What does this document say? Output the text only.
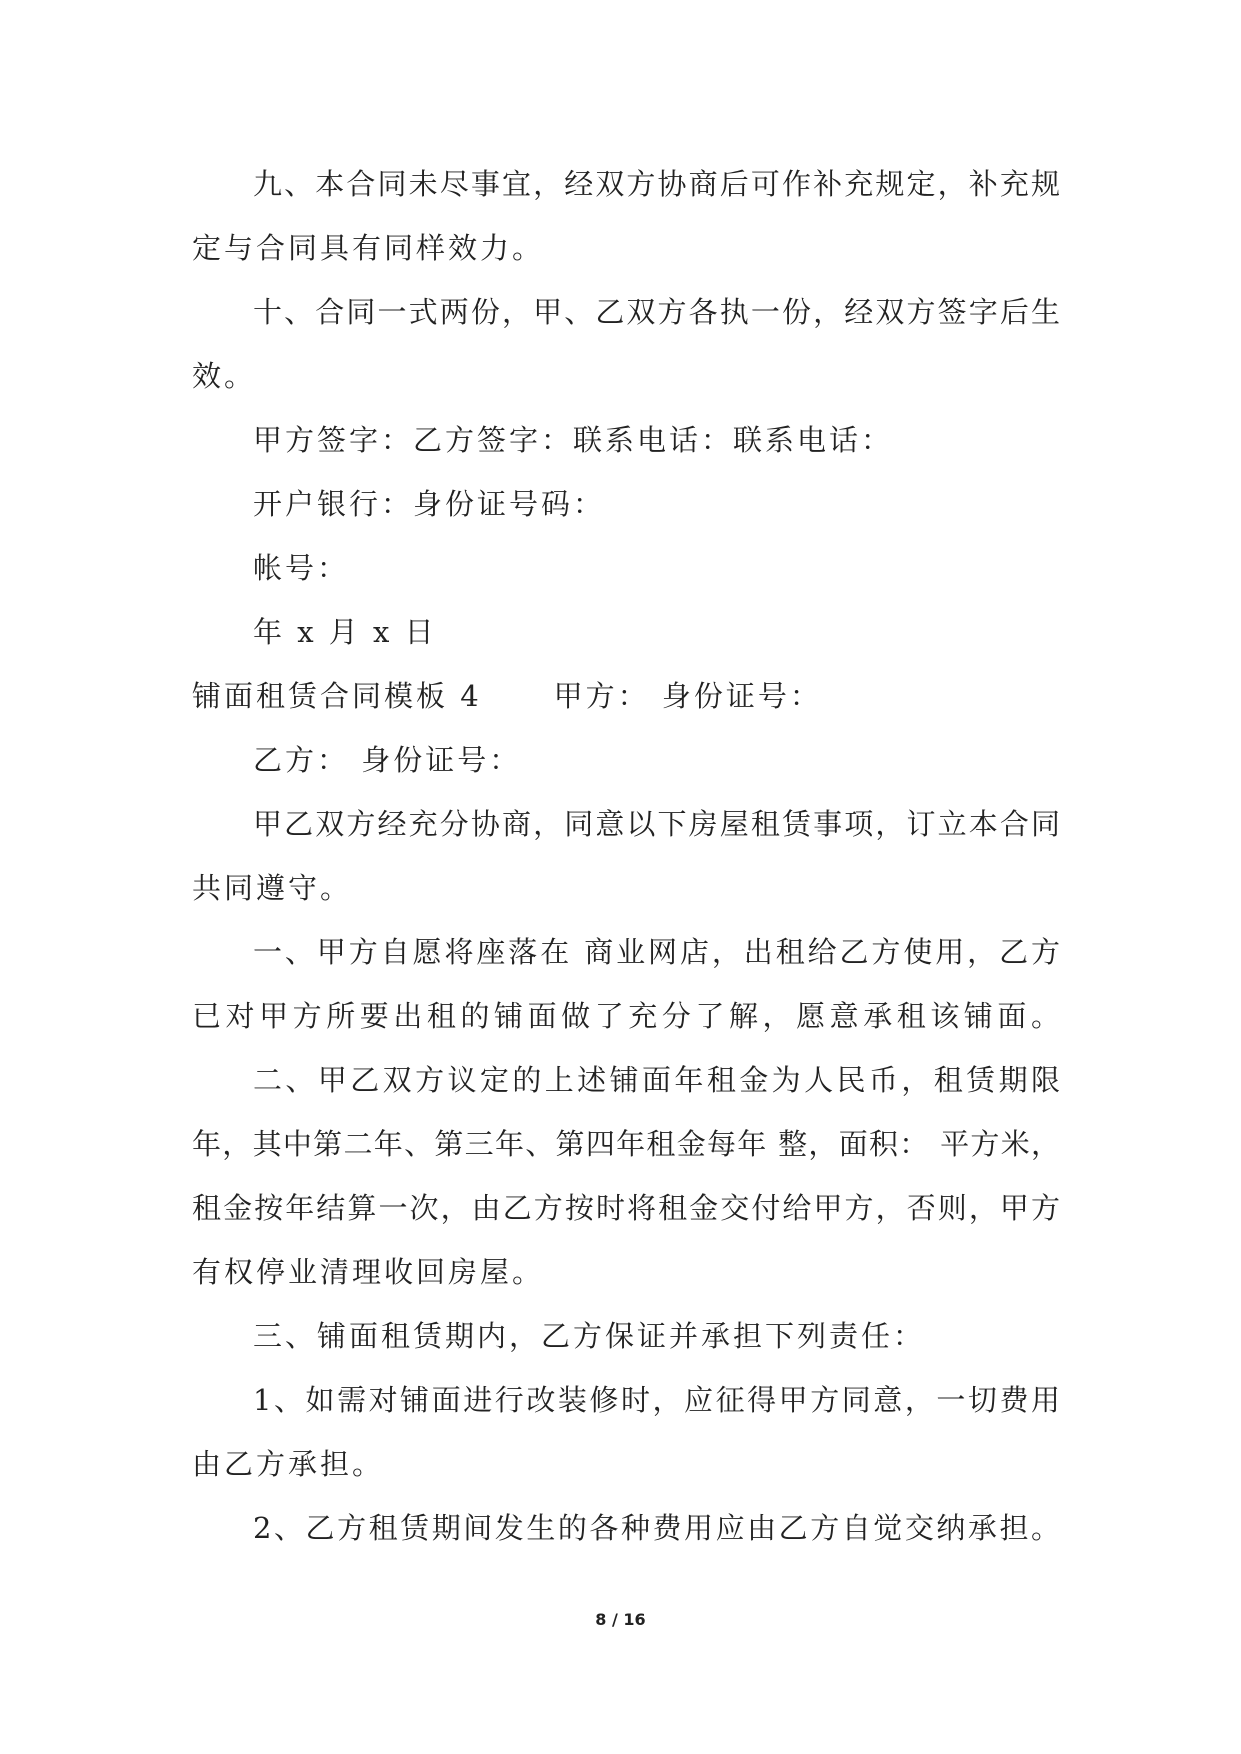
九、本合同未尽事宜，经双方协商后可作补充规定，补充规
定与合同具有同样效力。
十、合同一式两份，甲、乙双方各执一份，经双方签字后生
效。
甲方签字：乙方签字：联系电话：联系电话：
开户银行：身份证号码：
帐号：
年 x 月 x 日
铺面租赁合同模板 4 甲方： 身份证号：
乙方： 身份证号：
甲乙双方经充分协商，同意以下房屋租赁事项，订立本合同
共同遵守。
一、甲方自愿将座落在 商业网店，出租给乙方使用，乙方
已对甲方所要出租的铺面做了充分了解，愿意承租该铺面。
二、甲乙双方议定的上述铺面年租金为人民币，租赁期限
年，其中第二年、第三年、第四年租金每年 整，面积： 平方米，
租金按年结算一次，由乙方按时将租金交付给甲方，否则，甲方
有权停业清理收回房屋。
三、铺面租赁期内，乙方保证并承担下列责任：
1、如需对铺面进行改装修时，应征得甲方同意，一切费用
由乙方承担。
2、乙方租赁期间发生的各种费用应由乙方自觉交纳承担。
8 / 16
